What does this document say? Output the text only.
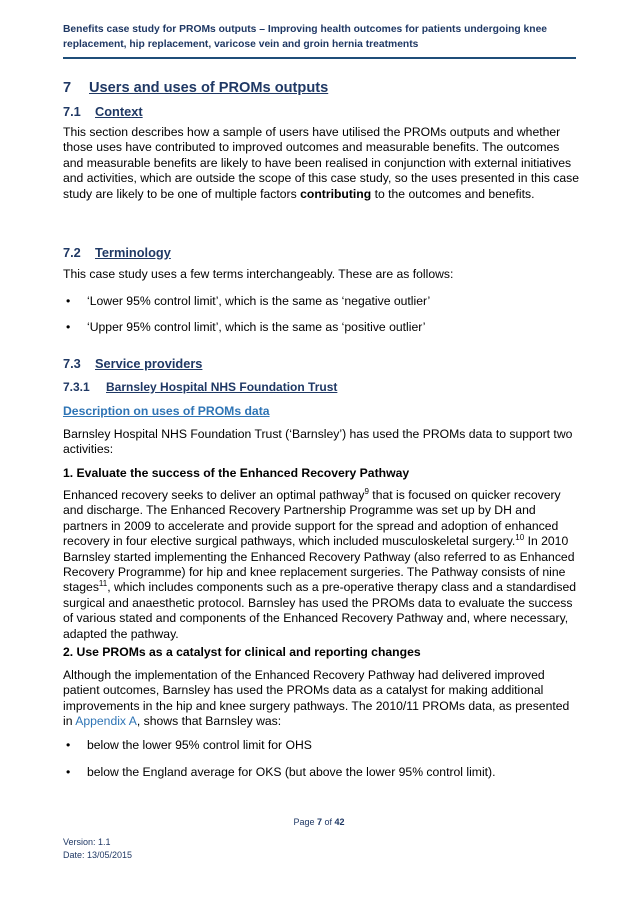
Benefits case study for PROMs outputs – Improving health outcomes for patients undergoing knee replacement, hip replacement, varicose vein and groin hernia treatments
7 Users and uses of PROMs outputs
7.1 Context

This section describes how a sample of users have utilised the PROMs outputs and whether those uses have contributed to improved outcomes and measurable benefits. The outcomes and measurable benefits are likely to have been realised in conjunction with external initiatives and activities, which are outside the scope of this case study, so the uses presented in this case study are likely to be one of multiple factors contributing to the outcomes and benefits.

7.2 Terminology

This case study uses a few terms interchangeably. These are as follows:

• ‘Lower 95% control limit’, which is the same as ‘negative outlier’
• ‘Upper 95% control limit’, which is the same as ‘positive outlier’
7.3 Service providers
7.3.1 Barnsley Hospital NHS Foundation Trust
Description on uses of PROMs data

Barnsley Hospital NHS Foundation Trust (‘Barnsley’) has used the PROMs data to support two activities:

1. Evaluate the success of the Enhanced Recovery Pathway

Enhanced recovery seeks to deliver an optimal pathway$^9$ that is focused on quicker recovery and discharge. The Enhanced Recovery Partnership Programme was set up by DH and partners in 2009 to accelerate and provide support for the spread and adoption of enhanced recovery in four elective surgical pathways, which included musculoskeletal surgery.$^{10}$ In 2010 Barnsley started implementing the Enhanced Recovery Pathway (also referred to as Enhanced Recovery Programme) for hip and knee replacement surgeries. The Pathway consists of nine stages$^{11}$, which includes components such as a pre-operative therapy class and a standardised surgical and anaesthetic protocol. Barnsley has used the PROMs data to evaluate the success of various stated and components of the Enhanced Recovery Pathway and, where necessary, adapted the pathway.

2. Use PROMs as a catalyst for clinical and reporting changes

Although the implementation of the Enhanced Recovery Pathway had delivered improved patient outcomes, Barnsley has used the PROMs data as a catalyst for making additional improvements in the hip and knee surgery pathways. The 2010/11 PROMs data, as presented in Appendix A, shows that Barnsley was:

• below the lower 95% control limit for OHS
• below the England average for OKS (but above the lower 95% control limit).
Page 7 of 42
Version: 1.1
Date: 13/05/2015
